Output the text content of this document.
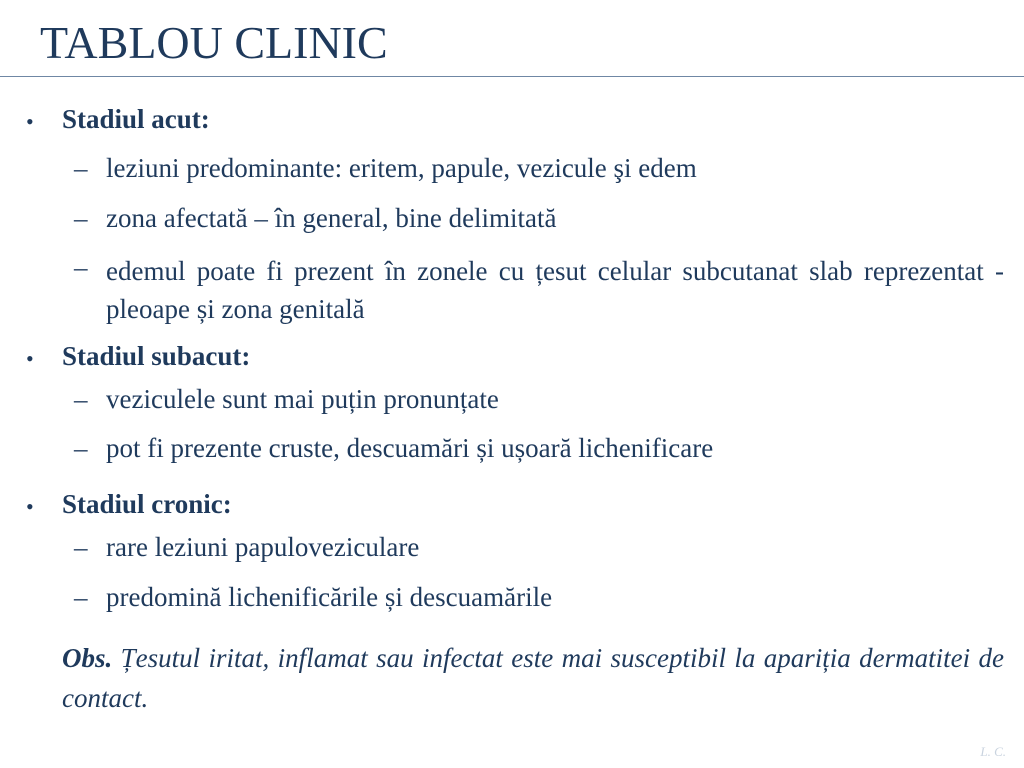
TABLOU CLINIC
• Stadiul acut:
– leziuni predominante: eritem, papule, vezicule şi edem
– zona afectată – în general, bine delimitată
– edemul poate fi prezent în zonele cu țesut celular subcutanat slab reprezentat - pleoape și zona genitală
• Stadiul subacut:
– veziculele sunt mai puțin pronunțate
– pot fi prezente cruste, descuamări și ușoară lichenificare
• Stadiul cronic:
– rare leziuni papuloveziculare
– predomină lichenificările și descuamările
Obs. Țesutul iritat, inflamat sau infectat este mai susceptibil la apariția dermatitei de contact.
L. C.
